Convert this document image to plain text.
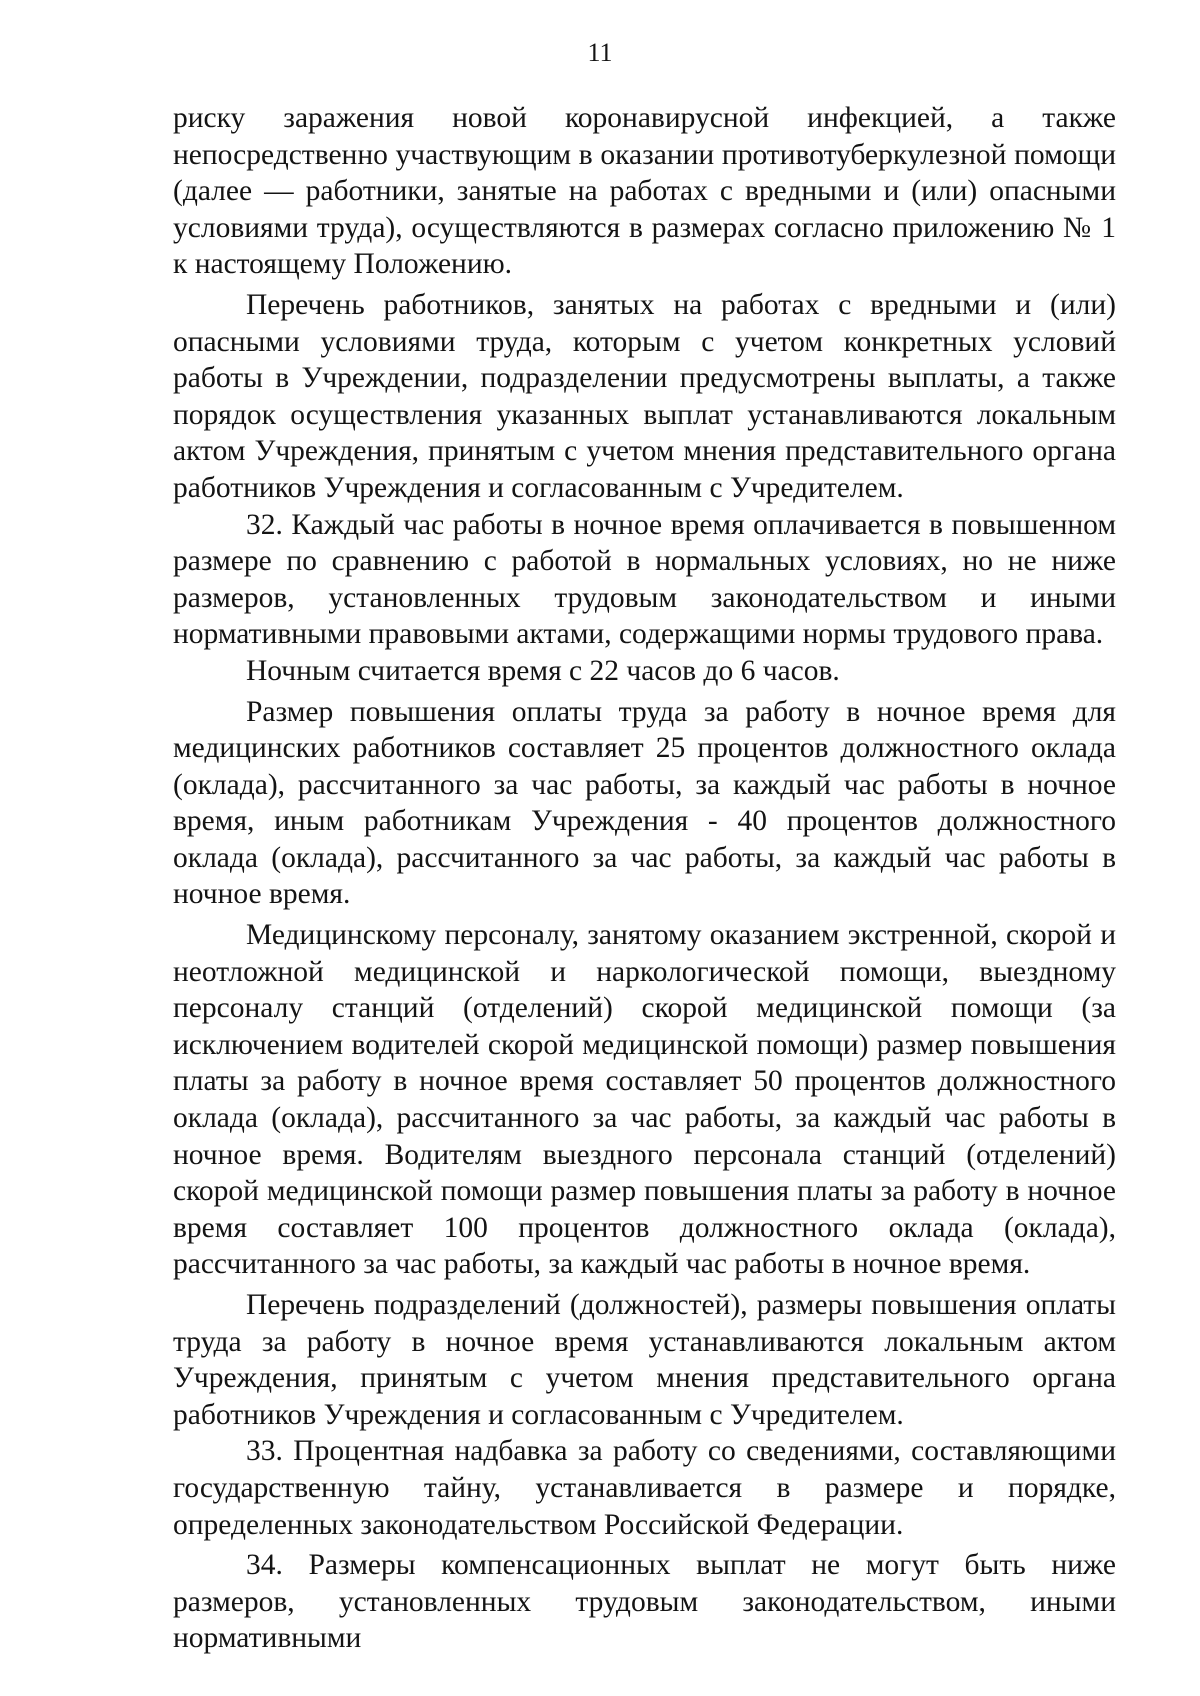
11

риску заражения новой коронавирусной инфекцией, а также непосредственно участвующим в оказании противотуберкулезной помощи (далее — работники, занятые на работах с вредными и (или) опасными условиями труда), осуществляются в размерах согласно приложению № 1 к настоящему Положению.

Перечень работников, занятых на работах с вредными и (или) опасными условиями труда, которым с учетом конкретных условий работы в Учреждении, подразделении предусмотрены выплаты, а также порядок осуществления указанных выплат устанавливаются локальным актом Учреждения, принятым с учетом мнения представительного органа работников Учреждения и согласованным с Учредителем.

32. Каждый час работы в ночное время оплачивается в повышенном размере по сравнению с работой в нормальных условиях, но не ниже размеров, установленных трудовым законодательством и иными нормативными правовыми актами, содержащими нормы трудового права.

Ночным считается время с 22 часов до 6 часов.

Размер повышения оплаты труда за работу в ночное время для медицинских работников составляет 25 процентов должностного оклада (оклада), рассчитанного за час работы, за каждый час работы в ночное время, иным работникам Учреждения - 40 процентов должностного оклада (оклада), рассчитанного за час работы, за каждый час работы в ночное время.

Медицинскому персоналу, занятому оказанием экстренной, скорой и неотложной медицинской и наркологической помощи, выездному персоналу станций (отделений) скорой медицинской помощи (за исключением водителей скорой медицинской помощи) размер повышения платы за работу в ночное время составляет 50 процентов должностного оклада (оклада), рассчитанного за час работы, за каждый час работы в ночное время. Водителям выездного персонала станций (отделений) скорой медицинской помощи размер повышения платы за работу в ночное время составляет 100 процентов должностного оклада (оклада), рассчитанного за час работы, за каждый час работы в ночное время.

Перечень подразделений (должностей), размеры повышения оплаты труда за работу в ночное время устанавливаются локальным актом Учреждения, принятым с учетом мнения представительного органа работников Учреждения и согласованным с Учредителем.

33. Процентная надбавка за работу со сведениями, составляющими государственную тайну, устанавливается в размере и порядке, определенных законодательством Российской Федерации.

34. Размеры компенсационных выплат не могут быть ниже размеров, установленных трудовым законодательством, иными нормативными
